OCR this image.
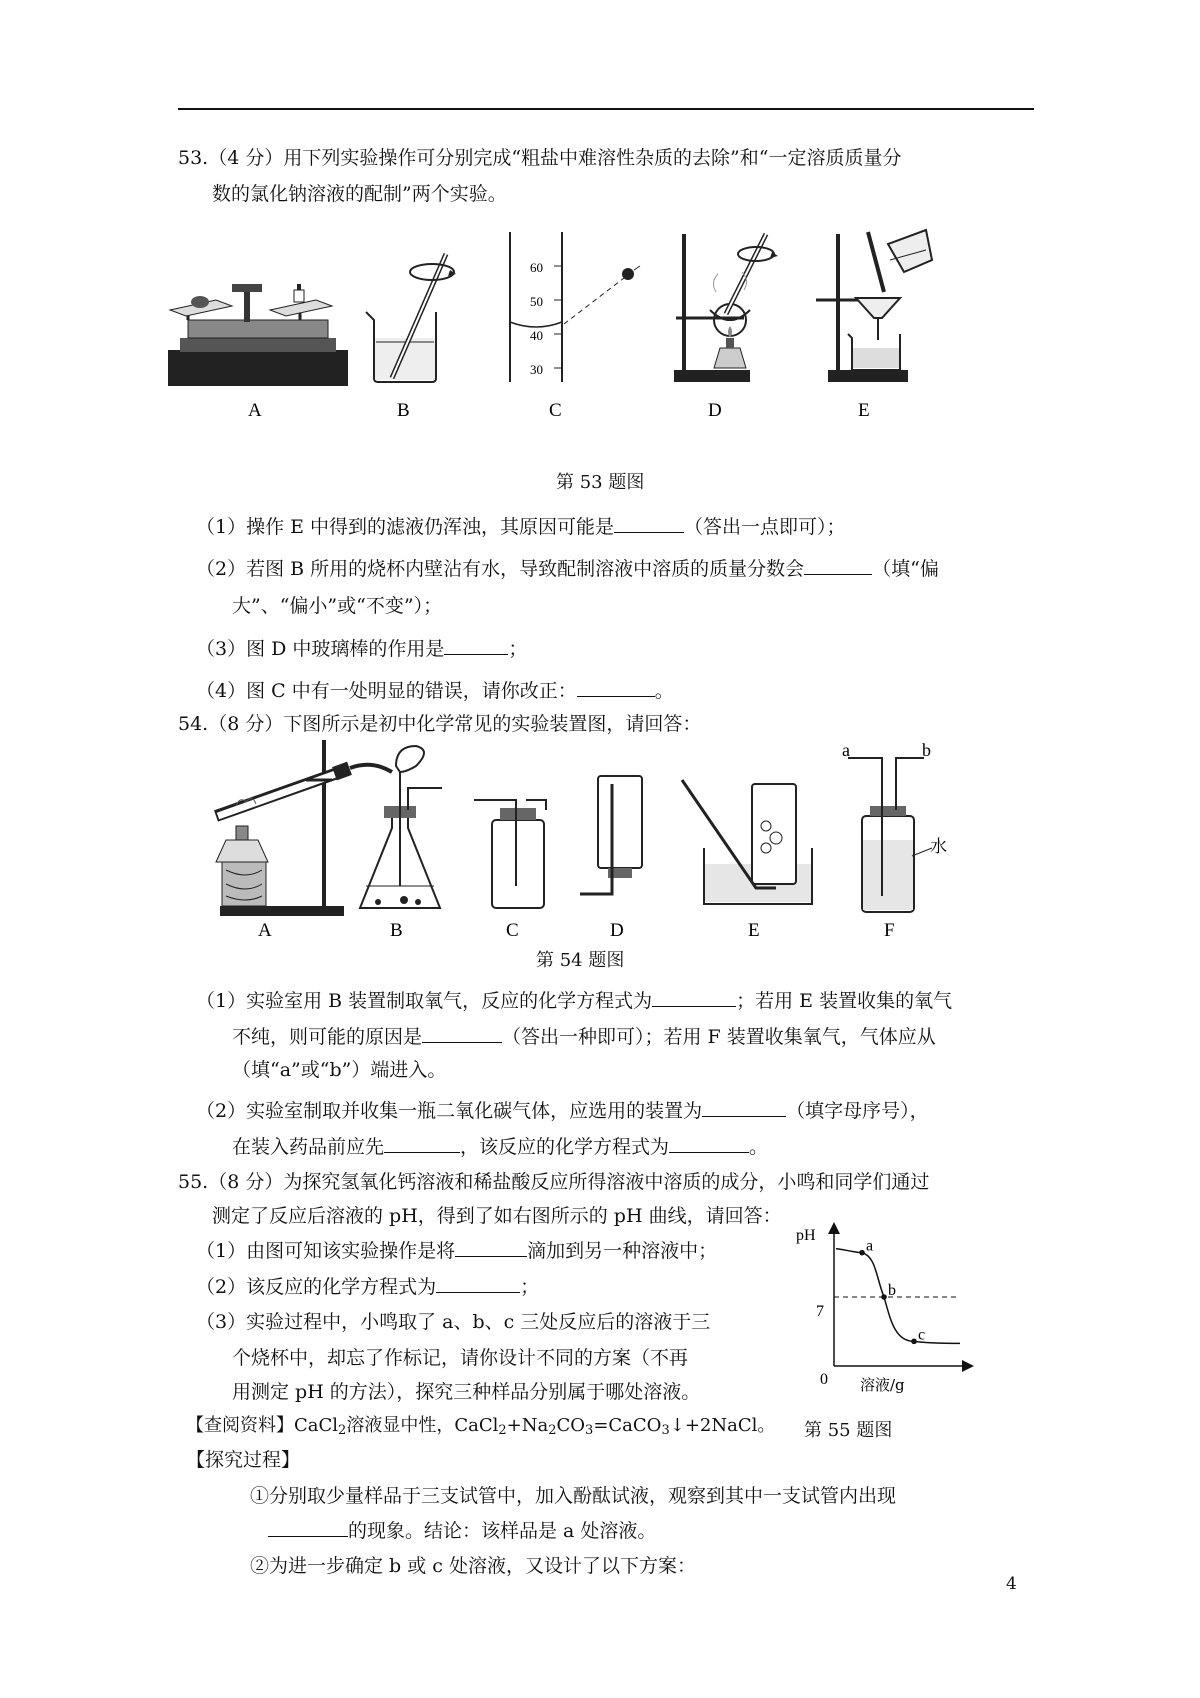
53.（4 分）用下列实验操作可分别完成“粗盐中难溶性杂质的去除”和“一定溶质质量分
数的氯化钠溶液的配制”两个实验。
60
50
40
30
A	B	C	D	E
第 53 题图
（1）操作 E 中得到的滤液仍浑浊，其原因可能是	（答出一点即可）；
（2）若图 B 所用的烧杯内壁沾有水，导致配制溶液中溶质的质量分数会	（填“偏
大”、“偏小”或“不变”）；
（3）图 D 中玻璃棒的作用是	；
（4）图 C 中有一处明显的错误，请你改正：	。
54.（8 分）下图所示是初中化学常见的实验装置图，请回答：
a	b
水
A	B	C	D	E	F
第 54 题图
（1）实验室用 B 装置制取氧气，反应的化学方程式为	；若用 E 装置收集的氧气
不纯，则可能的原因是	（答出一种即可）；若用 F 装置收集氧气，气体应从
（填“a”或“b”）端进入。
（2）实验室制取并收集一瓶二氧化碳气体，应选用的装置为	（填字母序号），
在装入药品前应先	，该反应的化学方程式为	。
55.（8 分）为探究氢氧化钙溶液和稀盐酸反应所得溶液中溶质的成分，小鸣和同学们通过
测定了反应后溶液的 pH，得到了如右图所示的 pH 曲线，请回答：
（1）由图可知该实验操作是将	滴加到另一种溶液中；
（2）该反应的化学方程式为	；
（3）实验过程中，小鸣取了 a、b、c 三处反应后的溶液于三
个烧杯中，却忘了作标记，请你设计不同的方案（不再
用测定 pH 的方法），探究三种样品分别属于哪处溶液。
【查阅资料】CaCl$_2$溶液显中性，$CaCl_2+Na_2CO_3=CaCO_3↓+2NaCl$。
【探究过程】
①分别取少量样品于三支试管中，加入酚酞试液，观察到其中一支试管内出现
的现象。结论：该样品是 a 处溶液。
②为进一步确定 b 或 c 处溶液，又设计了以下方案：
pH
溶液/g
0
7
a
b
c
第 55 题图
4
